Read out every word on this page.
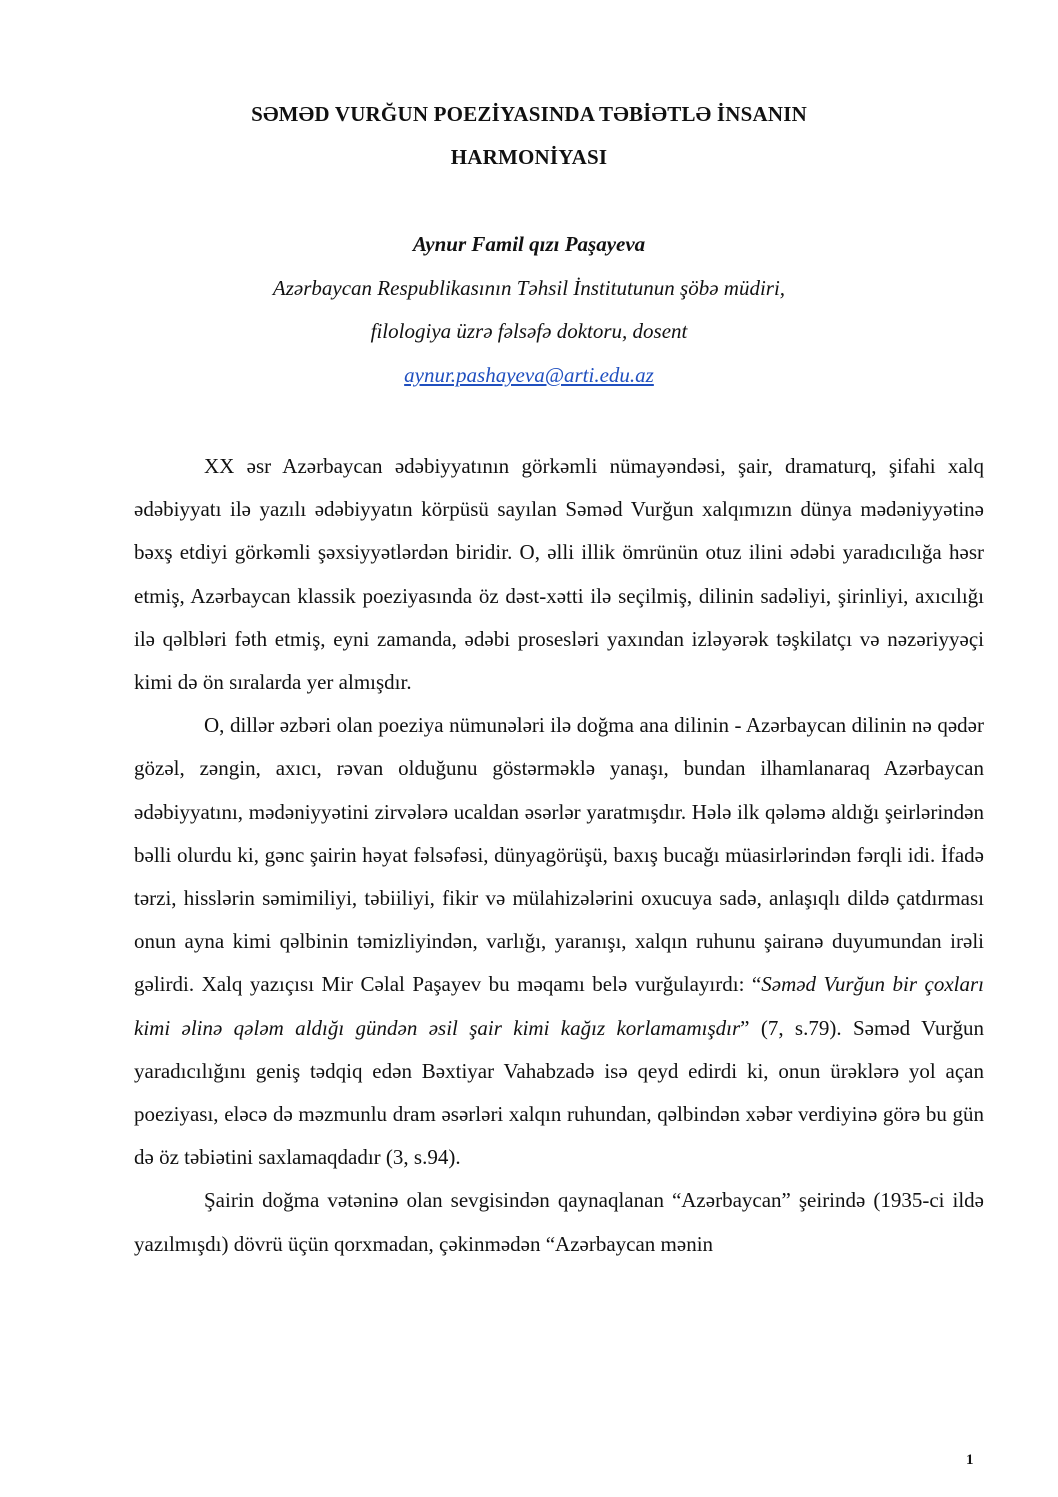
SƏMƏD VURĞUN POEZİYASINDA TƏBİƏTLƏ İNSANIN
HARMONİYASI
Aynur Famil qızı Paşayeva
Azərbaycan Respublikasının Təhsil İnstitutunun şöbə müdiri,
filologiya üzrə fəlsəfə doktoru, dosent
aynur.pashayeva@arti.edu.az

XX əsr Azərbaycan ədəbiyyatının görkəmli nümayəndəsi, şair, dramaturq, şifahi xalq ədəbiyyatı ilə yazılı ədəbiyyatın körpüsü sayılan Səməd Vurğun xalqımızın dünya mədəniyyətinə bəxş etdiyi görkəmli şəxsiyyətlərdən biridir. O, əlli illik ömrünün otuz ilini ədəbi yaradıcılığa həsr etmiş, Azərbaycan klassik poeziyasında öz dəst-xətti ilə seçilmiş, dilinin sadəliyi, şirinliyi, axıcılığı ilə qəlbləri fəth etmiş, eyni zamanda, ədəbi prosesləri yaxından izləyərək təşkilatçı və nəzəriyyəçi kimi də ön sıralarda yer almışdır.

O, dillər əzbəri olan poeziya nümunələri ilə doğma ana dilinin - Azərbaycan dilinin nə qədər gözəl, zəngin, axıcı, rəvan olduğunu göstərməklə yanaşı, bundan ilhamlanaraq Azərbaycan ədəbiyyatını, mədəniyyətini zirvələrə ucaldan əsərlər yaratmışdır. Hələ ilk qələmə aldığı şeirlərindən bəlli olurdu ki, gənc şairin həyat fəlsəfəsi, dünyagörüşü, baxış bucağı müasirlərindən fərqli idi. İfadə tərzi, hisslərin səmimiliyi, təbiiliyi, fikir və mülahizələrini oxucuya sadə, anlaşıqlı dildə çatdırması onun ayna kimi qəlbinin təmizliyindən, varlığı, yaranışı, xalqın ruhunu şairanə duyumundan irəli gəlirdi. Xalq yazıçısı Mir Cəlal Paşayev bu məqamı belə vurğulayırdı: “Səməd Vurğun bir çoxları kimi əlinə qələm aldığı gündən əsil şair kimi kağız korlamamışdır” (7, s.79). Səməd Vurğun yaradıcılığını geniş tədqiq edən Bəxtiyar Vahabzadə isə qeyd edirdi ki, onun ürəklərə yol açan poeziyası, eləcə də məzmunlu dram əsərləri xalqın ruhundan, qəlbindən xəbər verdiyinə görə bu gün də öz təbiətini saxlamaqdadır (3, s.94).

Şairin doğma vətəninə olan sevgisindən qaynaqlanan “Azərbaycan” şeirində (1935-ci ildə yazılmışdı) dövrü üçün qorxmadan, çəkinmədən “Azərbaycan mənin

1
